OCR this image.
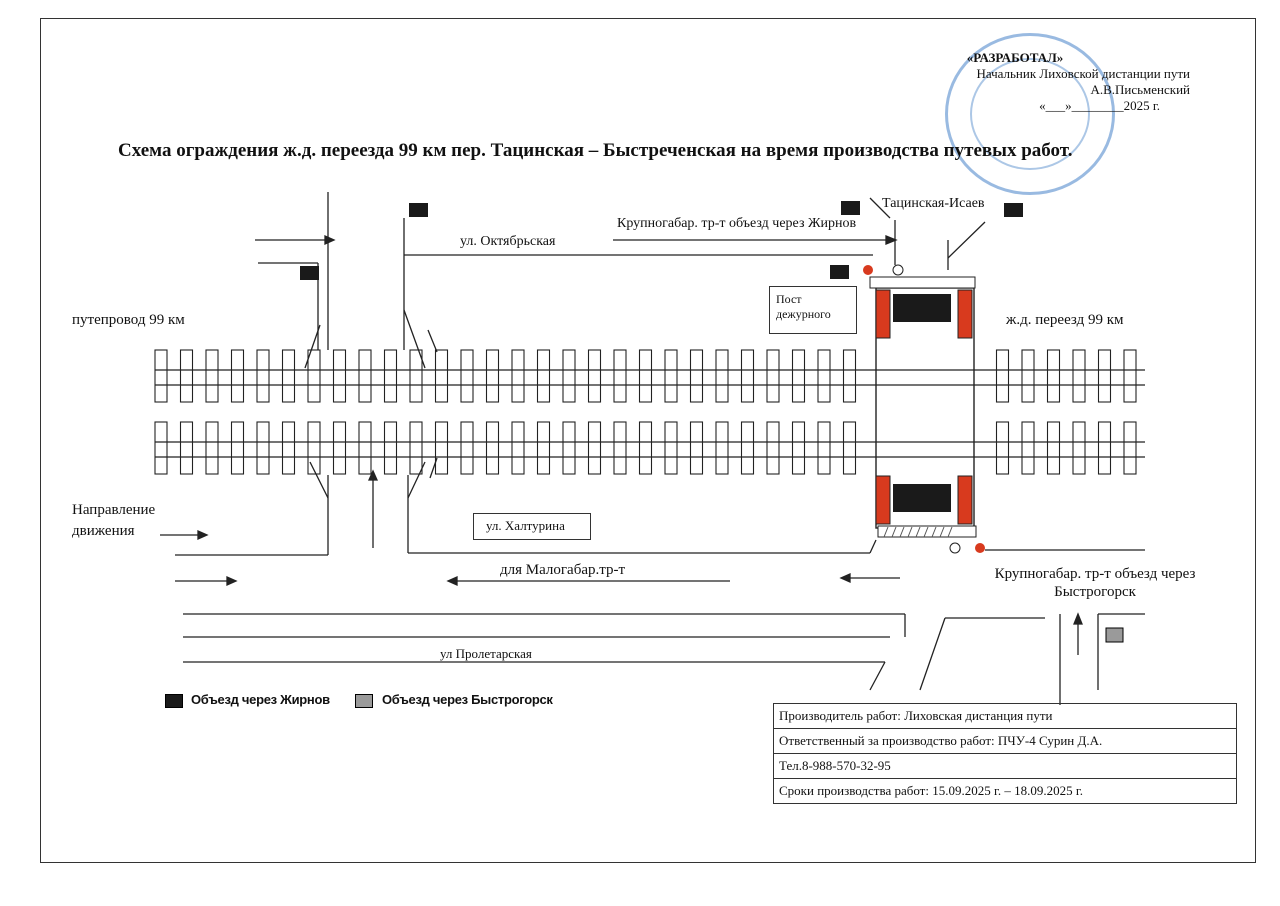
«РАЗРАБОТАЛ»
Начальник Лиховской дистанции пути
А.В.Письменский
«___»________2025 г.
Схема ограждения ж.д. переезда 99 км пер. Тацинская – Быстреченская на время производства путевых работ.
путепровод 99 км	ж.д. переезд 99 км
ул. Октябрьская
Крупногабар. тр-т объезд через Жирнов
Тацинская-Исаев
Пост дежурного
Направление движения	ул. Халтурина
для Малогабар.тр-т	Крупногабар. тр-т объезд через Быстрогорск
ул Пролетарская
Объезд через Жирнов	Объезд через Быстрогорск
Производитель работ: Лиховская дистанция пути
Ответственный за производство работ: ПЧУ-4 Сурин Д.А.
Тел.8-988-570-32-95
Сроки производства работ: 15.09.2025 г. – 18.09.2025 г.
